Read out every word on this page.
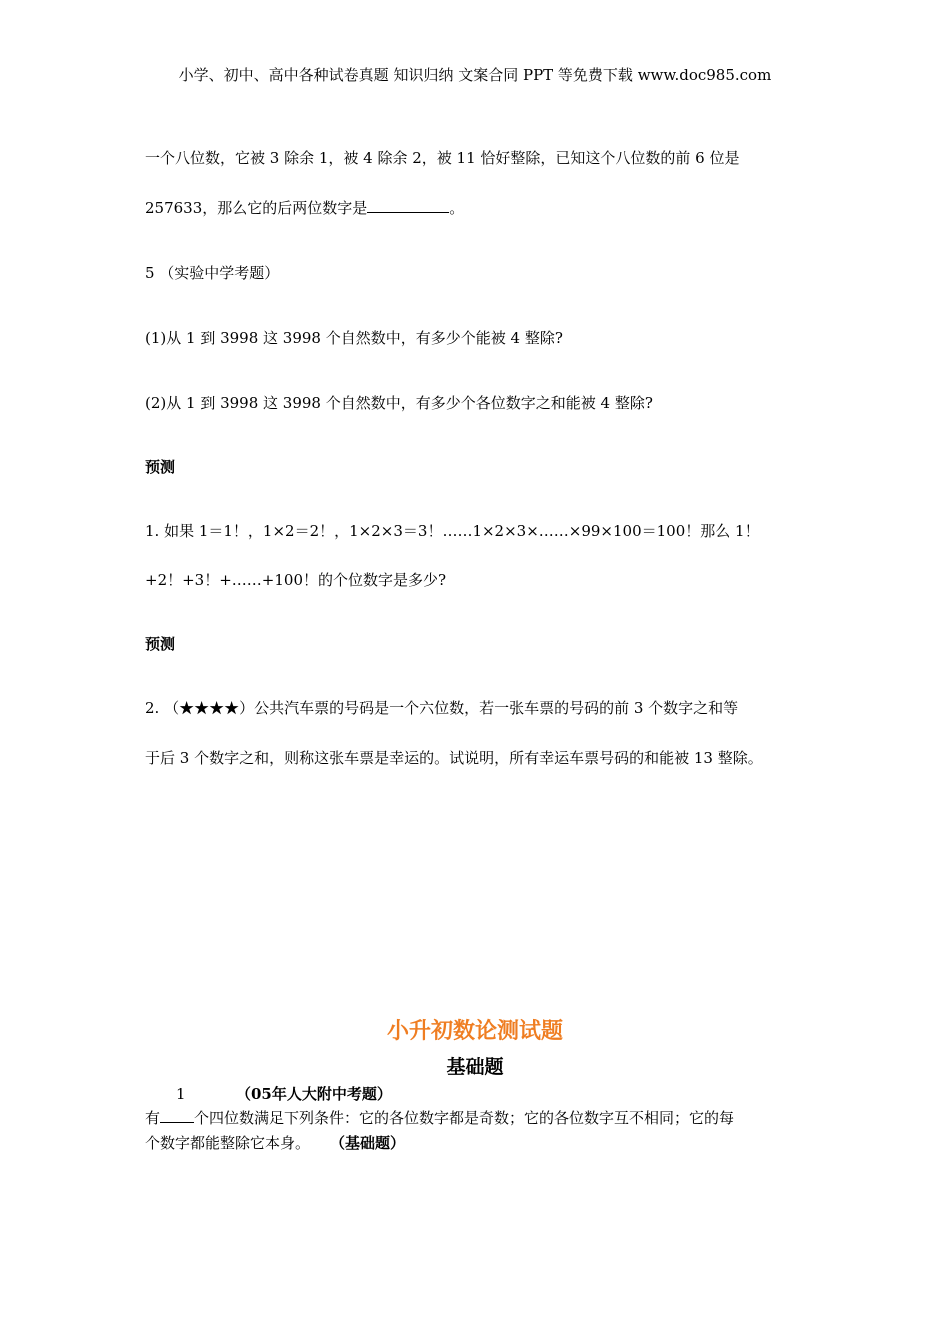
小学、初中、高中各种试卷真题 知识归纳 文案合同 PPT 等免费下载 www.doc985.com
一个八位数，它被 3 除余 1，被 4 除余 2，被 11 恰好整除，已知这个八位数的前 6 位是
257633，那么它的后两位数字是	。
5 （实验中学考题）
(1)从 1 到 3998 这 3998 个自然数中，有多少个能被 4 整除?
(2)从 1 到 3998 这 3998 个自然数中，有多少个各位数字之和能被 4 整除?
预测
1. 如果 1＝1！，1×2＝2！，1×2×3＝3！……1×2×3×……×99×100＝100！那么 1！
+2！+3！+……+100！的个位数字是多少?
预测
2. （★★★★）公共汽车票的号码是一个六位数，若一张车票的号码的前 3 个数字之和等
于后 3 个数字之和，则称这张车票是幸运的。试说明，所有幸运车票号码的和能被 13 整除。
小升初数论测试题
基础题
1	（05年人大附中考题）
有 个四位数满足下列条件：它的各位数字都是奇数；它的各位数字互不相同；它的每
个数字都能整除它本身。 （基础题）
